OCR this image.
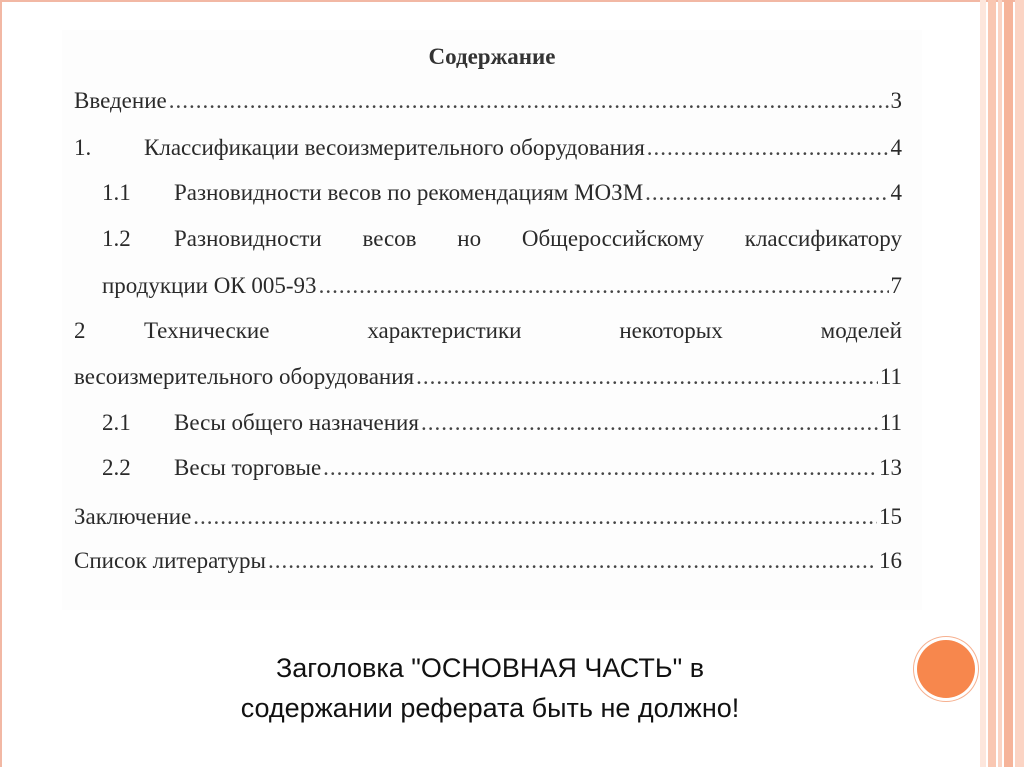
Содержание
Введение .....	3
1.	Классификации весоизмерительного оборудования .....	4
1.1	Разновидности весов по рекомендациям МОЗМ .....	4
1.2	Разновидности весов но Общероссийскому классификатору
продукции ОК 005-93 .....	7
2	Технические	характеристики	некоторых	моделей
весоизмерительного оборудования .....	11
2.1	Весы общего назначения .....	11
2.2	Весы торговые .....	13
Заключение .....	15
Список литературы .....	16
Заголовка "ОСНОВНАЯ ЧАСТЬ" в
содержании реферата быть не должно!
